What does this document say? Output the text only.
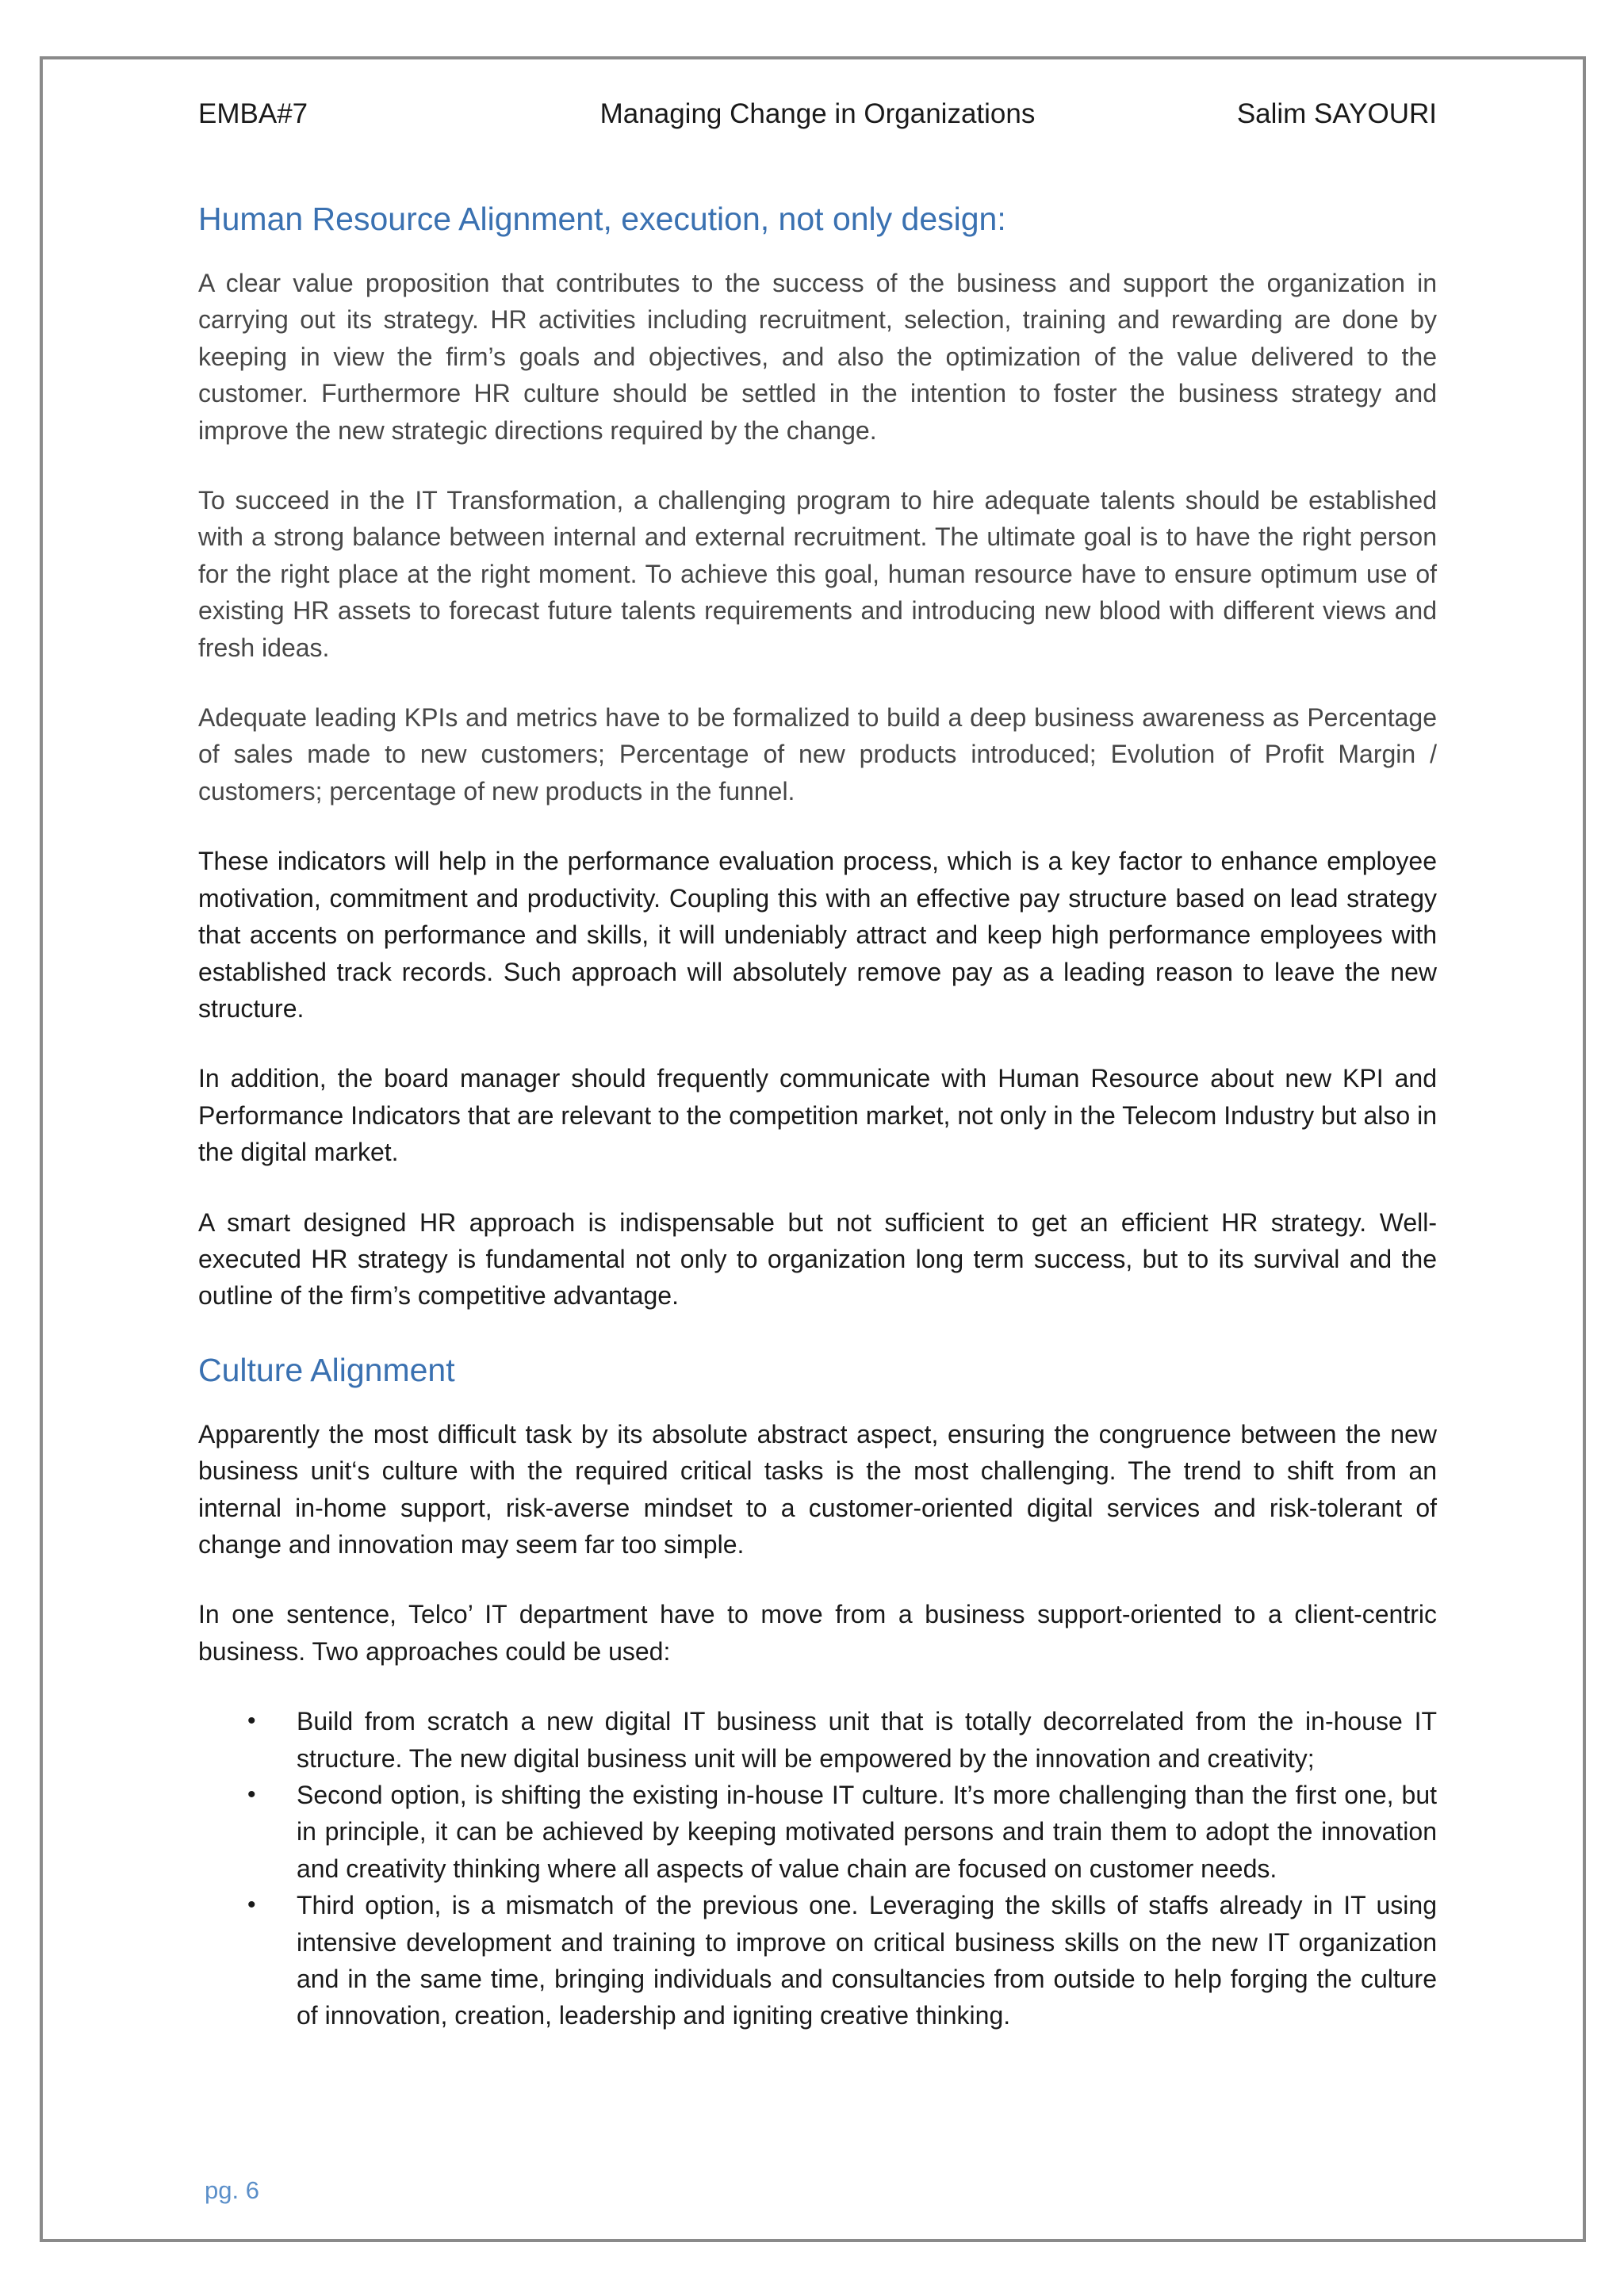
EMBA#7	Managing Change in Organizations	Salim SAYOURI
Human Resource Alignment, execution, not only design:

A clear value proposition that contributes to the success of the business and support the organization in carrying out its strategy. HR activities including recruitment, selection, training and rewarding are done by keeping in view the firm’s goals and objectives, and also the optimization of the value delivered to the customer. Furthermore HR culture should be settled in the intention to foster the business strategy and improve the new strategic directions required by the change.

To succeed in the IT Transformation, a challenging program to hire adequate talents should be established with a strong balance between internal and external recruitment. The ultimate goal is to have the right person for the right place at the right moment. To achieve this goal, human resource have to ensure optimum use of existing HR assets to forecast future talents requirements and introducing new blood with different views and fresh ideas.

Adequate leading KPIs and metrics have to be formalized to build a deep business awareness as Percentage of sales made to new customers; Percentage of new products introduced; Evolution of Profit Margin / customers; percentage of new products in the funnel.

These indicators will help in the performance evaluation process, which is a key factor to enhance employee motivation, commitment and productivity. Coupling this with an effective pay structure based on lead strategy that accents on performance and skills, it will undeniably attract and keep high performance employees with established track records. Such approach will absolutely remove pay as a leading reason to leave the new structure.

In addition, the board manager should frequently communicate with Human Resource about new KPI and Performance Indicators that are relevant to the competition market, not only in the Telecom Industry but also in the digital market.

A smart designed HR approach is indispensable but not sufficient to get an efficient HR strategy. Well-executed HR strategy is fundamental not only to organization long term success, but to its survival and the outline of the firm’s competitive advantage.

Culture Alignment

Apparently the most difficult task by its absolute abstract aspect, ensuring the congruence between the new business unit‘s culture with the required critical tasks is the most challenging. The trend to shift from an internal in-home support, risk-averse mindset to a customer-oriented digital services and risk-tolerant of change and innovation may seem far too simple.

In one sentence, Telco’ IT department have to move from a business support-oriented to a client-centric business. Two approaches could be used:

• Build from scratch a new digital IT business unit that is totally decorrelated from the in-house IT structure. The new digital business unit will be empowered by the innovation and creativity;
• Second option, is shifting the existing in-house IT culture. It’s more challenging than the first one, but in principle, it can be achieved by keeping motivated persons and train them to adopt the innovation and creativity thinking where all aspects of value chain are focused on customer needs.
• Third option, is a mismatch of the previous one. Leveraging the skills of staffs already in IT using intensive development and training to improve on critical business skills on the new IT organization and in the same time, bringing individuals and consultancies from outside to help forging the culture of innovation, creation, leadership and igniting creative thinking.
pg. 6
